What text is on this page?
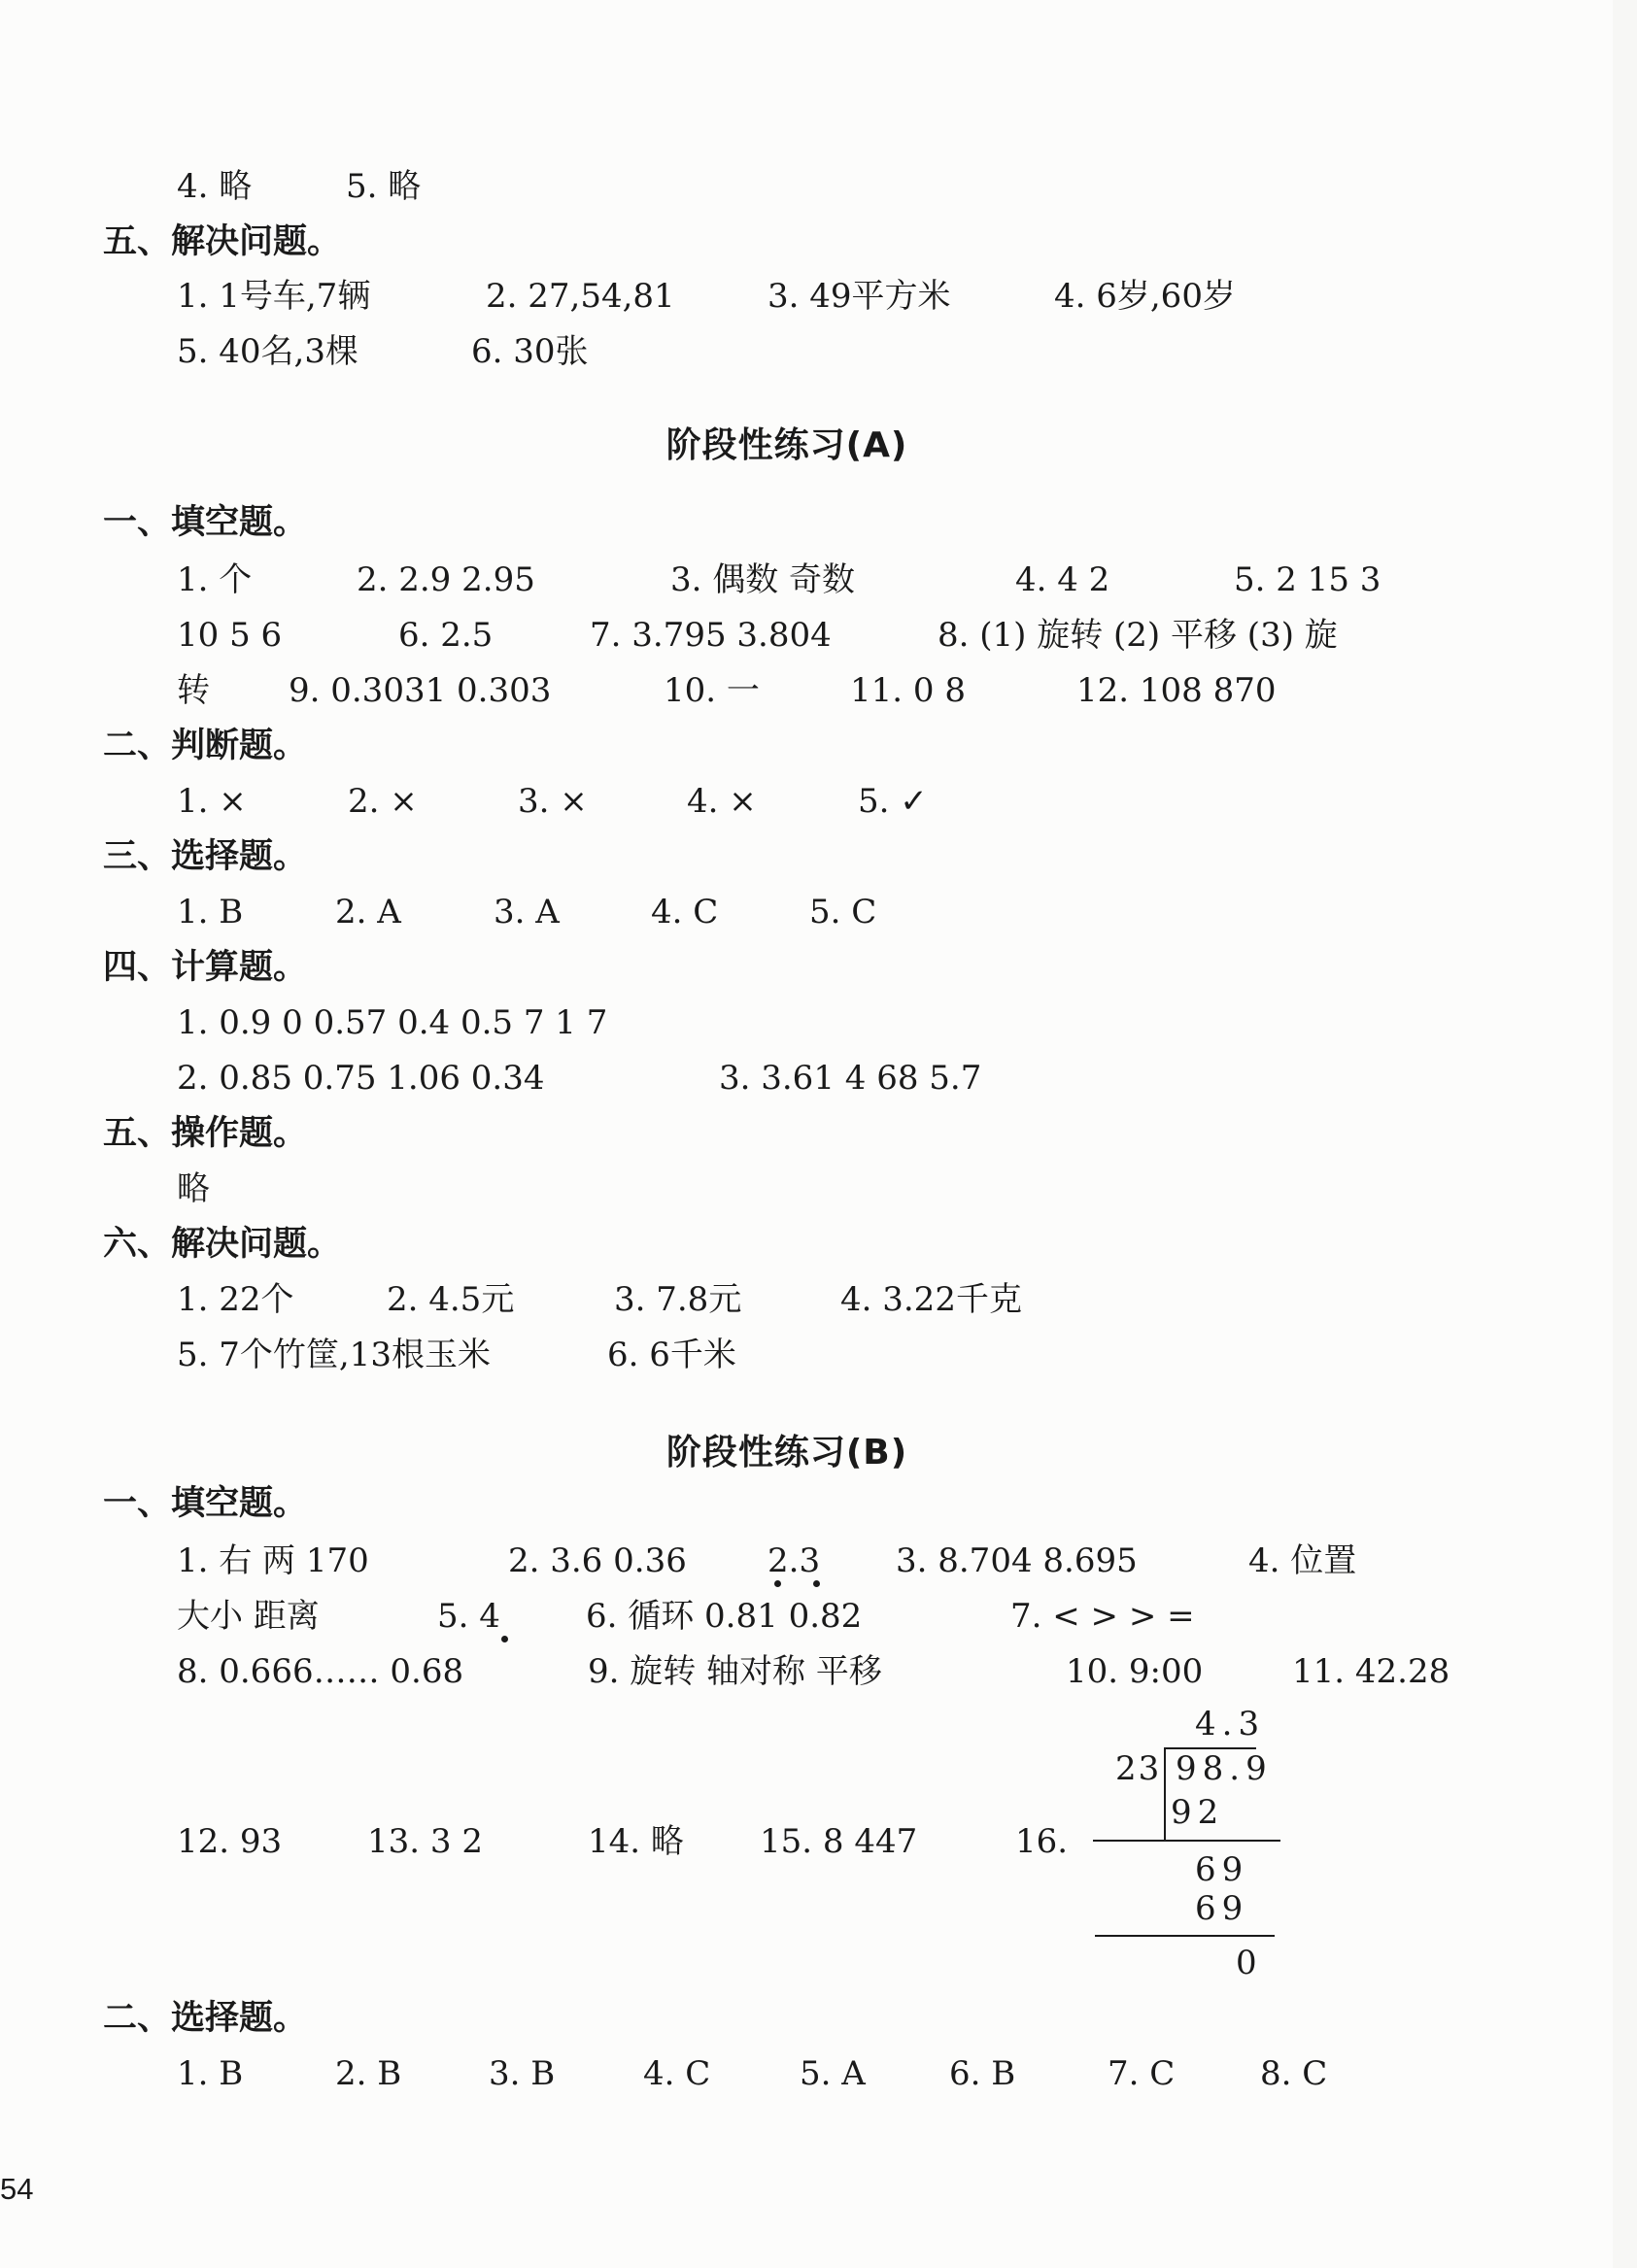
4. 略	5. 略
五、解决问题。
1. 1号车,7辆	2. 27,54,81	3. 49平方米	4. 6岁,60岁
5. 40名,3棵	6. 30张
阶段性练习(A)
一、填空题。
1. 个	2. 2.9 2.95	3. 偶数 奇数	4. 4 2	5. 2 15 3
10 5 6	6. 2.5	7. 3.795 3.804	8. (1) 旋转 (2) 平移 (3) 旋
转 9. 0.3031 0.303	10. 一	11. 0 8	12. 108 870
二、判断题。
1. ×	2. ×	3. ×	4. ×	5. ✓
三、选择题。
1. B	2. A	3. A	4. C	5. C
四、计算题。
1. 0.9 0 0.57 0.4 0.5 7 1 7
2. 0.85 0.75 1.06 0.34	3. 3.61 4 68 5.7
五、操作题。
略
六、解决问题。
1. 22个	2. 4.5元	3. 7.8元	4. 3.22千克
5. 7个竹筐,13根玉米	6. 6千米
阶段性练习(B)
一、填空题。
1. 右 两 170	2. 3.6 0.36 2.3 3. 8.704 8.695	4. 位置
大小 距离	5. 4	6. 循环 0.81 0.82	7. < > > =
8. 0.666…… 0.68	9. 旋转 轴对称 平移	10. 9:00	11. 42.28
12. 93	13. 3 2	14. 略 15. 8 447	16.
4.3
23 98.9
92
69
69
0
二、选择题。
1. B	2. B	3. B	4. C	5. A	6. B	7. C	8. C
54
